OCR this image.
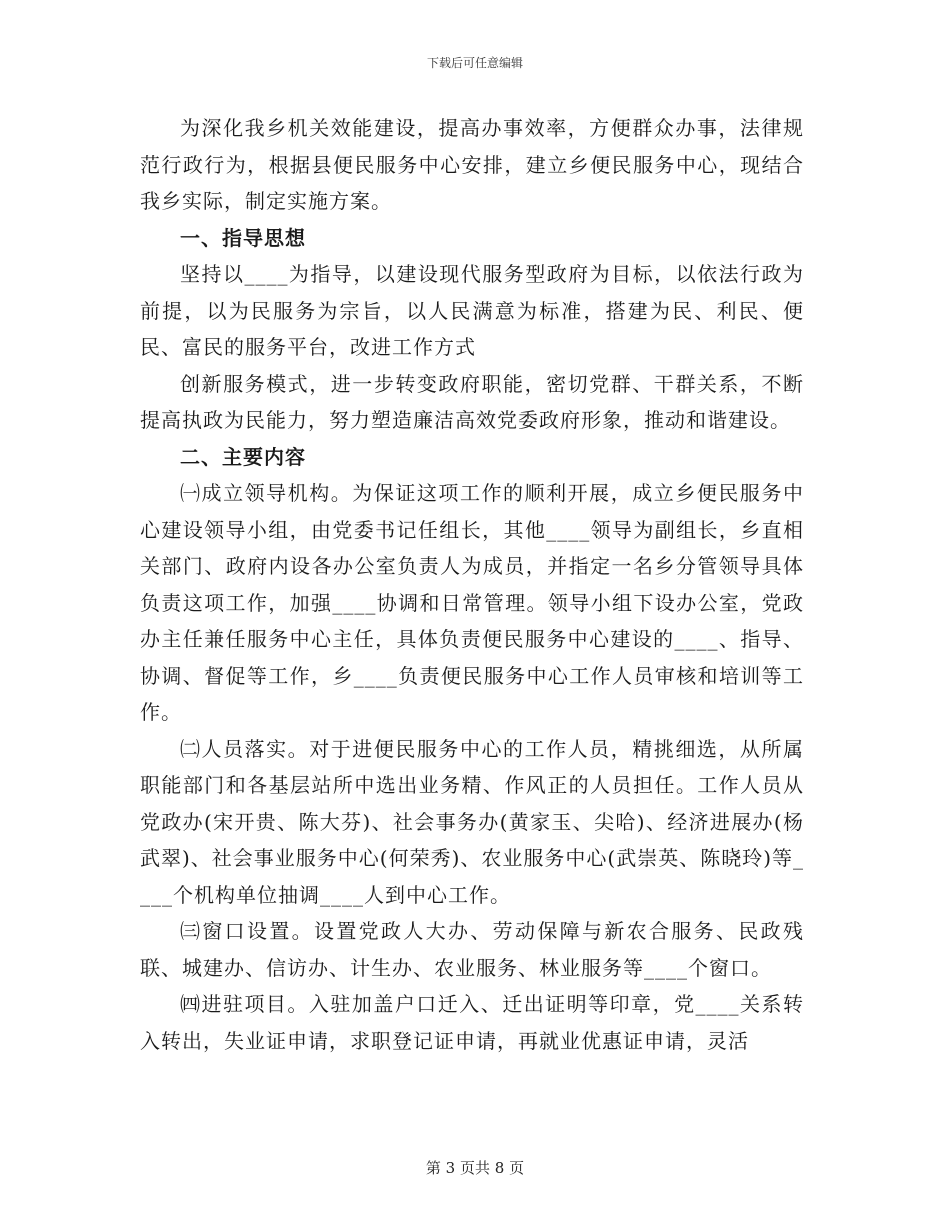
下载后可任意编辑

为深化我乡机关效能建设，提高办事效率，方便群众办事，法律规范行政行为，根据县便民服务中心安排，建立乡便民服务中心，现结合我乡实际，制定实施方案。

一、指导思想

坚持以____为指导，以建设现代服务型政府为目标，以依法行政为前提，以为民服务为宗旨，以人民满意为标准，搭建为民、利民、便民、富民的服务平台，改进工作方式

创新服务模式，进一步转变政府职能，密切党群、干群关系，不断提高执政为民能力，努力塑造廉洁高效党委政府形象，推动和谐建设。

二、主要内容

㈠成立领导机构。为保证这项工作的顺利开展，成立乡便民服务中心建设领导小组，由党委书记任组长，其他____领导为副组长，乡直相关部门、政府内设各办公室负责人为成员，并指定一名乡分管领导具体负责这项工作，加强____协调和日常管理。领导小组下设办公室，党政办主任兼任服务中心主任，具体负责便民服务中心建设的____、指导、协调、督促等工作，乡____负责便民服务中心工作人员审核和培训等工作。

㈡人员落实。对于进便民服务中心的工作人员，精挑细选，从所属职能部门和各基层站所中选出业务精、作风正的人员担任。工作人员从党政办(宋开贵、陈大芬)、社会事务办(黄家玉、尖哈)、经济进展办(杨武翠)、社会事业服务中心(何荣秀)、农业服务中心(武崇英、陈晓玲)等____个机构单位抽调____人到中心工作。

㈢窗口设置。设置党政人大办、劳动保障与新农合服务、民政残联、城建办、信访办、计生办、农业服务、林业服务等____个窗口。

㈣进驻项目。入驻加盖户口迁入、迁出证明等印章，党____关系转入转出，失业证申请，求职登记证申请，再就业优惠证申请，灵活

第 3 页共 8 页
